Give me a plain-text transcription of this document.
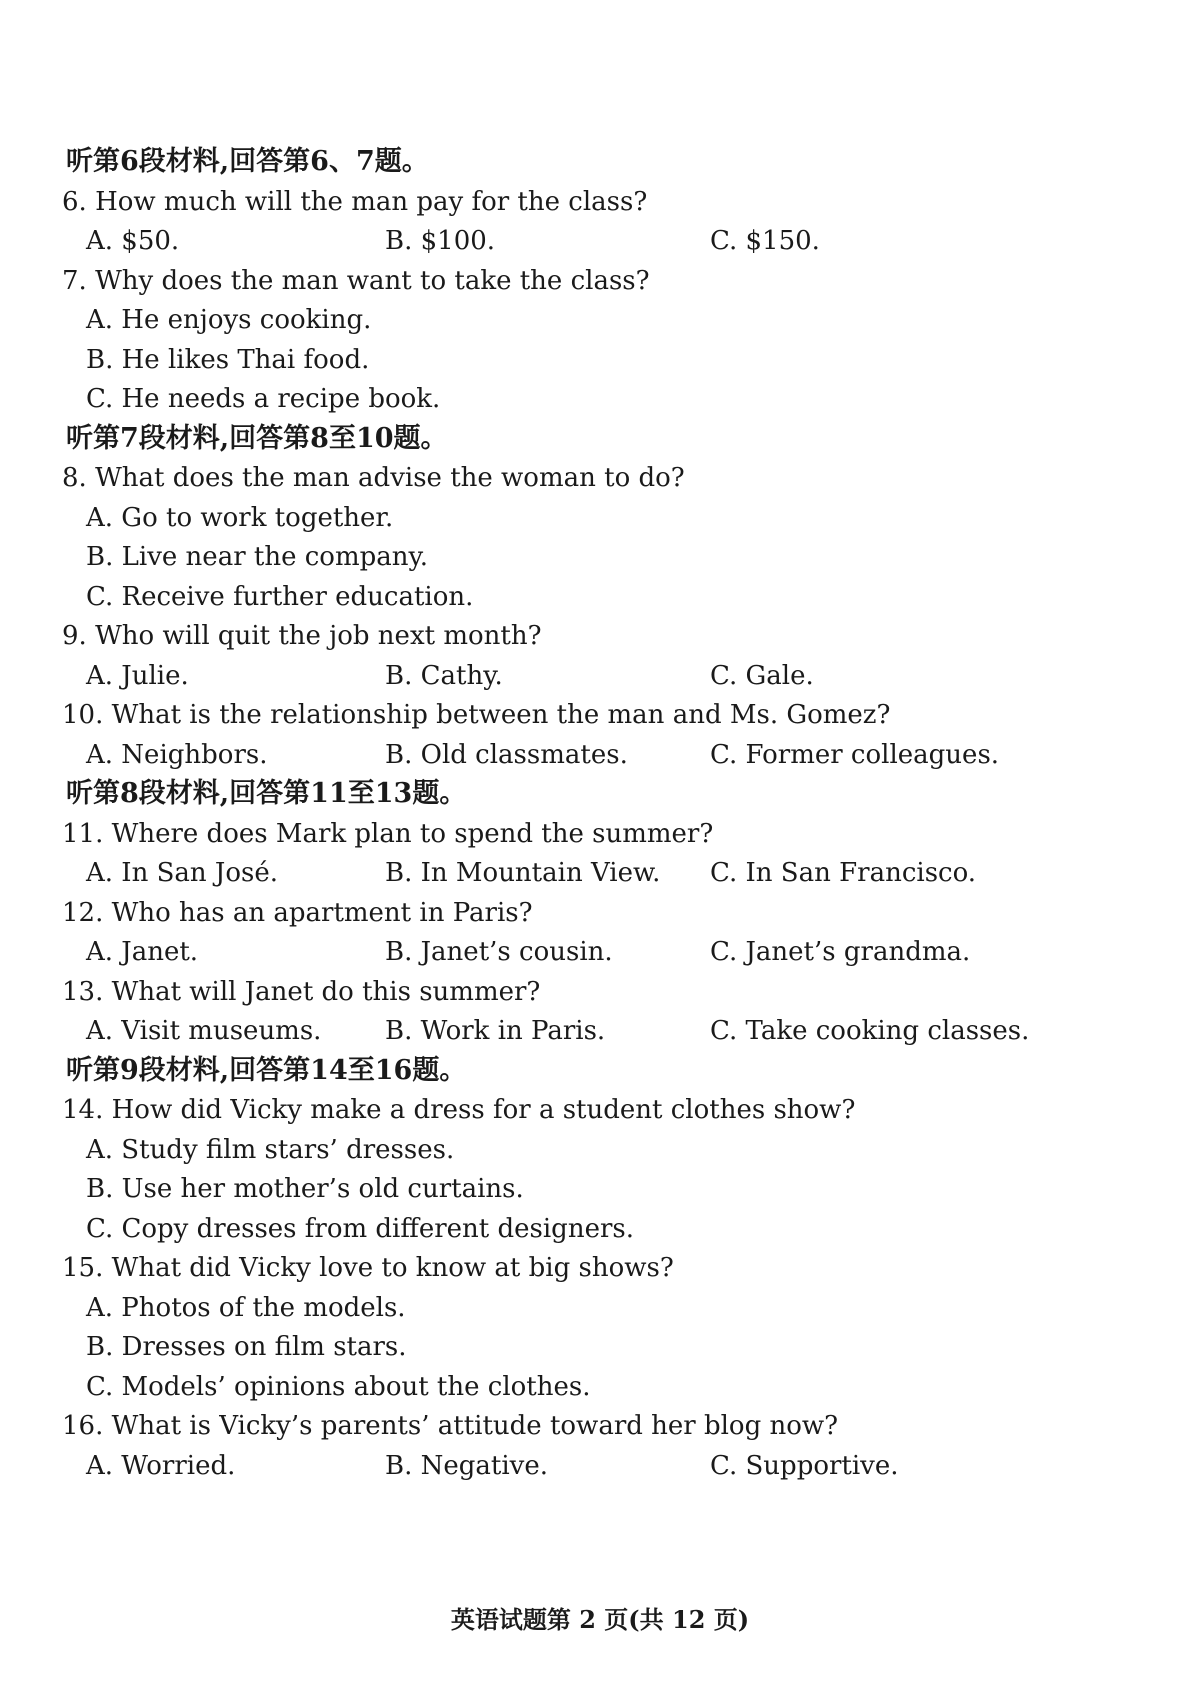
听第6段材料,回答第6、7题。
6. How much will the man pay for the class?
A. $50.	B. $100.	C. $150.
7. Why does the man want to take the class?
A. He enjoys cooking.
B. He likes Thai food.
C. He needs a recipe book.
听第7段材料,回答第8至10题。
8. What does the man advise the woman to do?
A. Go to work together.
B. Live near the company.
C. Receive further education.
9. Who will quit the job next month?
A. Julie.	B. Cathy.	C. Gale.
10. What is the relationship between the man and Ms. Gomez?
A. Neighbors.	B. Old classmates.	C. Former colleagues.
听第8段材料,回答第11至13题。
11. Where does Mark plan to spend the summer?
A. In San José.	B. In Mountain View. C. In San Francisco.
12. Who has an apartment in Paris?
A. Janet.	B. Janet’s cousin.	C. Janet’s grandma.
13. What will Janet do this summer?
A. Visit museums. B. Work in Paris.	C. Take cooking classes.
听第9段材料,回答第14至16题。
14. How did Vicky make a dress for a student clothes show?
A. Study film stars’ dresses.
B. Use her mother’s old curtains.
C. Copy dresses from different designers.
15. What did Vicky love to know at big shows?
A. Photos of the models.
B. Dresses on film stars.
C. Models’ opinions about the clothes.
16. What is Vicky’s parents’ attitude toward her blog now?
A. Worried.	B. Negative.	C. Supportive.
英语试题第 2 页(共 12 页)
